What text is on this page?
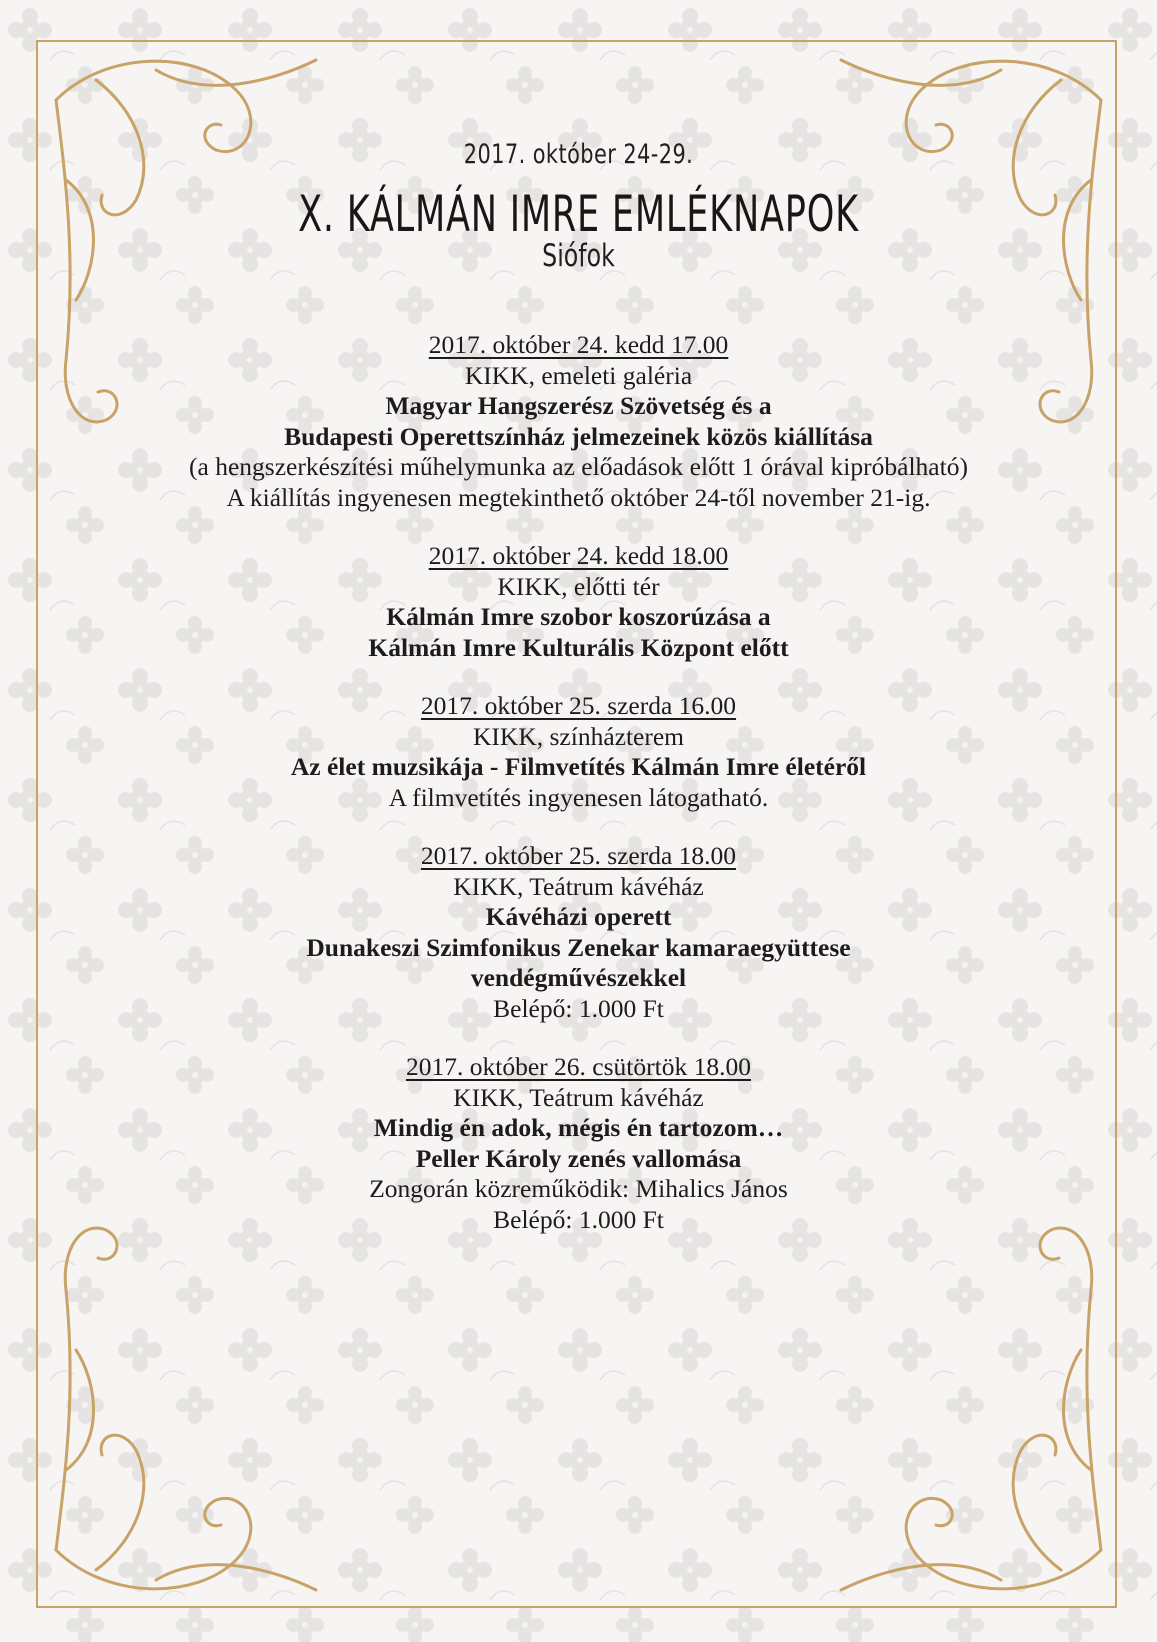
2017. október 24-29.
X. KÁLMÁN IMRE EMLÉKNAPOK
Siófok
2017. október 24. kedd 17.00
KIKK, emeleti galéria
Magyar Hangszerész Szövetség és a
Budapesti Operettszínház jelmezeinek közös kiállítása
(a hengszerkészítési műhelymunka az előadások előtt 1 órával kipróbálható)
A kiállítás ingyenesen megtekinthető október 24-től november 21-ig.
2017. október 24. kedd 18.00
KIKK, előtti tér
Kálmán Imre szobor koszorúzása a
Kálmán Imre Kulturális Központ előtt
2017. október 25. szerda 16.00
KIKK, színházterem
Az élet muzsikája - Filmvetítés Kálmán Imre életéről
A filmvetítés ingyenesen látogatható.
2017. október 25. szerda 18.00
KIKK, Teátrum kávéház
Kávéházi operett
Dunakeszi Szimfonikus Zenekar kamaraegyüttese
vendégművészekkel
Belépő: 1.000 Ft
2017. október 26. csütörtök 18.00
KIKK, Teátrum kávéház
Mindig én adok, mégis én tartozom…
Peller Károly zenés vallomása
Zongorán közreműködik: Mihalics János
Belépő: 1.000 Ft
